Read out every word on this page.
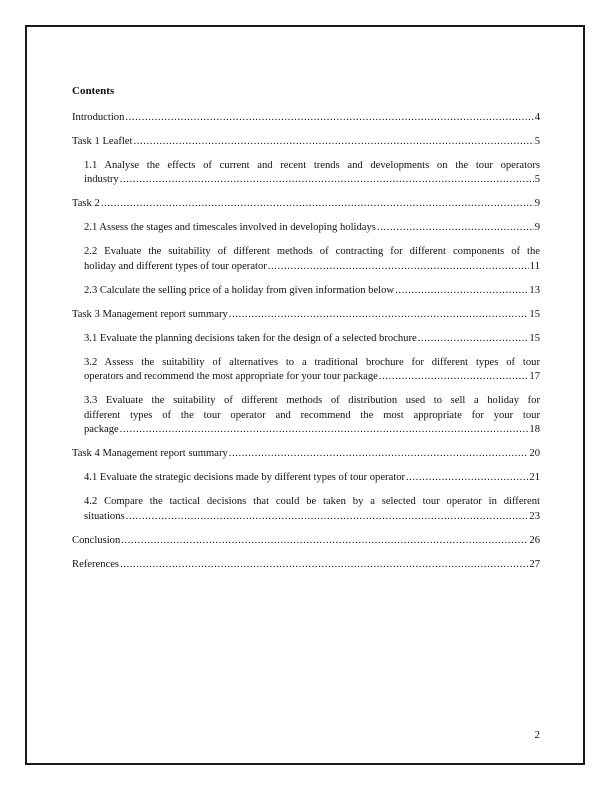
Contents
Introduction .....	4
Task 1 Leaflet .....	5
1.1 Analyse the effects of current and recent trends and developments on the tour operators
industry .....	5
Task 2 .....	9
2.1 Assess the stages and timescales involved in developing holidays .....	9
2.2 Evaluate the suitability of different methods of contracting for different components of the
holiday and different types of tour operator .....	11
2.3 Calculate the selling price of a holiday from given information below .....	13
Task 3 Management report summary .....	15
3.1 Evaluate the planning decisions taken for the design of a selected brochure .....	15
3.2 Assess the suitability of alternatives to a traditional brochure for different types of tour
operators and recommend the most appropriate for your tour package .....	17
3.3 Evaluate the suitability of different methods of distribution used to sell a holiday for
different types of the tour operator and recommend the most appropriate for your tour
package .....	18
Task 4 Management report summary .....	20
4.1 Evaluate the strategic decisions made by different types of tour operator .....	21
4.2 Compare the tactical decisions that could be taken by a selected tour operator in different
situations .....	23
Conclusion .....	26
References .....	27
2
